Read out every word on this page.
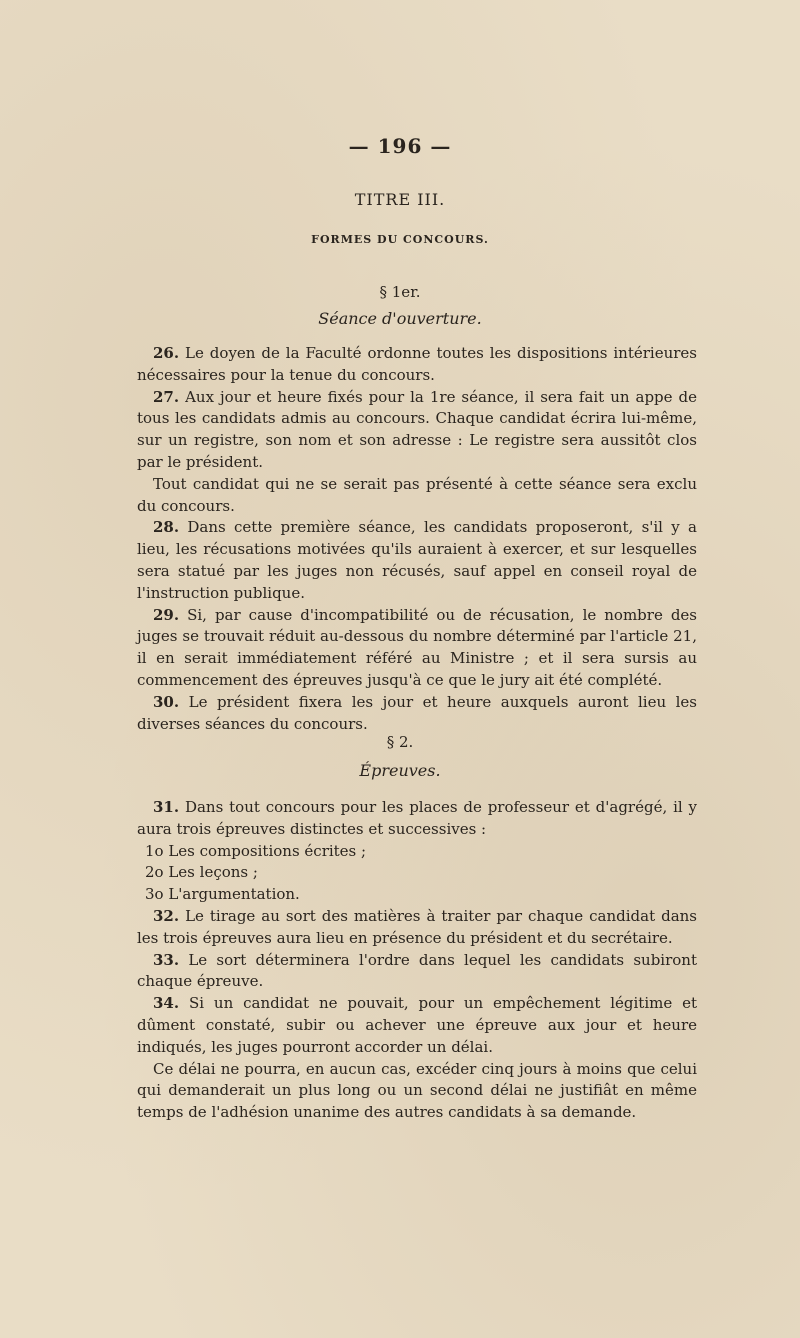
— 196 —
TITRE III.
FORMES DU CONCOURS.
§ 1er.
Séance d'ouverture.

26. Le doyen de la Faculté ordonne toutes les dispositions intérieures nécessaires pour la tenue du concours.

27. Aux jour et heure fixés pour la 1re séance, il sera fait un appe de tous les candidats admis au concours. Chaque candidat écrira lui-même, sur un registre, son nom et son adresse : Le registre sera aussitôt clos par le président.

Tout candidat qui ne se serait pas présenté à cette séance sera exclu du concours.

28. Dans cette première séance, les candidats proposeront, s'il y a lieu, les récusations motivées qu'ils auraient à exercer, et sur lesquelles sera statué par les juges non récusés, sauf appel en conseil royal de l'instruction publique.

29. Si, par cause d'incompatibilité ou de récusation, le nombre des juges se trouvait réduit au-dessous du nombre déterminé par l'article 21, il en serait immédiatement référé au Ministre ; et il sera sursis au commencement des épreuves jusqu'à ce que le jury ait été complété.

30. Le président fixera les jour et heure auxquels auront lieu les diverses séances du concours.

§ 2.
Épreuves.

31. Dans tout concours pour les places de professeur et d'agrégé, il y aura trois épreuves distinctes et successives :

1o Les compositions écrites ;

2o Les leçons ;

3o L'argumentation.

32. Le tirage au sort des matières à traiter par chaque candidat dans les trois épreuves aura lieu en présence du président et du secrétaire.

33. Le sort déterminera l'ordre dans lequel les candidats subiront chaque épreuve.

34. Si un candidat ne pouvait, pour un empêchement légitime et dûment constaté, subir ou achever une épreuve aux jour et heure indiqués, les juges pourront accorder un délai.

Ce délai ne pourra, en aucun cas, excéder cinq jours à moins que celui qui demanderait un plus long ou un second délai ne justifiât en même temps de l'adhésion unanime des autres candidats à sa demande.
